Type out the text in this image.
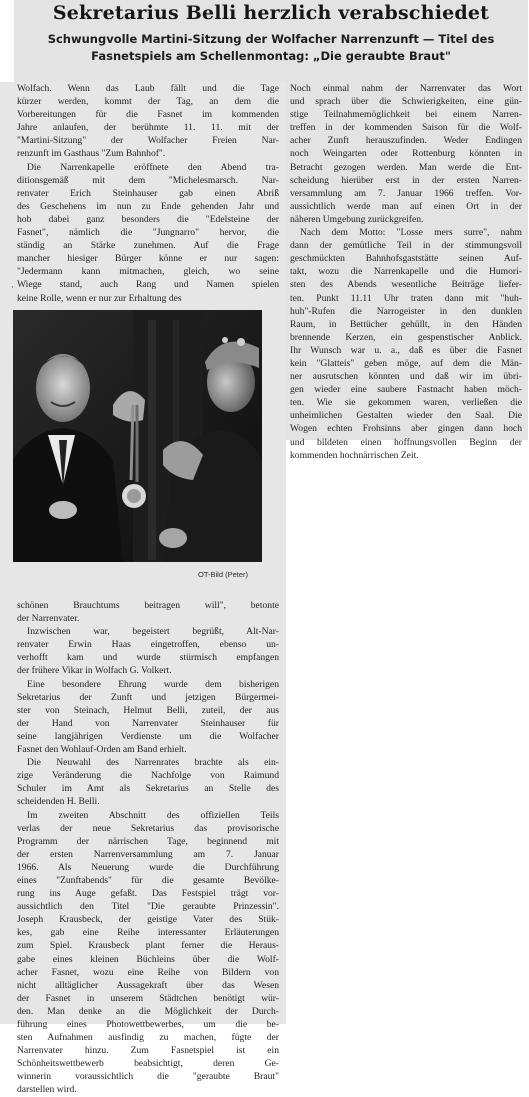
Sekretarius Belli herzlich verabschiedet
Schwungvolle Martini-Sitzung der Wolfacher Narrenzunft — Titel des
Fasnetspiels am Schellenmontag: „Die geraubte Braut"
Wolfach. Wenn das Laub fällt und die Tage
kürzer werden, kommt der Tag, an dem die
Vorbereitungen für die Fasnet im kommenden
Jahre anlaufen, der berühmte 11. 11. mit der
"Martini-Sitzung" der Wolfacher Freien Nar-
renzunft im Gasthaus "Zum Bahnhof".
Die Narrenkapelle eröffnete den Abend tra-
ditionsgemäß mit dem "Michelesmarsch. Nar-
renvater Erich Steinhauser gab einen Abriß
des Geschehens im nun zu Ende gehenden Jahr und
hob dabei ganz besonders die "Edelsteine der
Fasnet", nämlich die "Jungnarro" hervor, die
ständig an Stärke zunehmen. Auf die Frage
mancher hiesiger Bürger könne er nur sagen:
"Jedermann kann mitmachen, gleich, wo seine
Wiege stand, auch Rang und Namen spielen
keine Rolle, wenn er nur zur Erhaltung des
Noch einmal nahm der Narrenvater das Wort
und sprach über die Schwierigkeiten, eine gün-
stige Teilnahmemöglichkeit bei einem Narren-
treffen in der kommenden Saison für die Wolf-
acher Zunft herauszufinden. Weder Endingen
noch Weingarten oder Rottenburg könnten in
Betracht gezogen werden. Man werde die Ent-
scheidung hierüber erst in der ersten Narren-
versammlung am 7. Januar 1966 treffen. Vor-
aussichtlich werde man auf einen Ort in der
näheren Umgebung zurückgreifen.
Nach dem Motto: "Losse mers surre", nahm
dann der gemütliche Teil in der stimmungsvoll
geschmückten Bahnhofsgaststätte seinen Auf-
takt, wozu die Narrenkapelle und die Humori-
sten des Abends wesentliche Beiträge liefer-
ten. Punkt 11.11 Uhr traten dann mit "huh-
huh"-Rufen die Narrogeister in den dunklen
Raum, in Bettücher gehüllt, in den Händen
brennende Kerzen, ein gespenstischer Anblick.
Ihr Wunsch war u. a., daß es über die Fasnet
kein "Glatteis" geben möge, auf dem die Män-
ner ausrutschen könnten und daß wir im übri-
gen wieder eine saubere Fastnacht haben möch-
ten. Wie sie gekommen waren, verließen die
unheimlichen Gestalten wieder den Saal. Die
Wogen echten Frohsinns aber gingen dann hoch
und bildeten einen hoffnungsvollen Beginn der
kommenden hochnärrischen Zeit.
·
OT-Bild (Peter)
schönen Brauchtums beitragen will", betonte
der Narrenvater.
Inzwischen war, begeistert begrüßt, Alt-Nar-
renvater Erwin Haas eingetroffen, ebenso un-
verhofft kam und wurde stürmisch empfangen
der frühere Vikar in Wolfach G. Volkert.
Eine besondere Ehrung wurde dem bisherigen
Sekretarius der Zunft und jetzigen Bürgermei-
ster von Steinach, Helmut Belli, zuteil, der aus
der Hand von Narrenvater Steinhauser für
seine langjährigen Verdienste um die Wolfacher
Fasnet den Wohlauf-Orden am Band erhielt.
Die Neuwahl des Narrenrates brachte als ein-
zige Veränderung die Nachfolge von Raimund
Schuler im Amt als Sekretarius an Stelle des
scheidenden H. Belli.
Im zweiten Abschnitt des offiziellen Teils
verlas der neue Sekretarius das provisorische
Programm der närrischen Tage, beginnend mit
der ersten Narrenversammlung am 7. Januar
1966. Als Neuerung wurde die Durchführung
eines "Zunftabends" für die gesamte Bevölke-
rung ins Auge gefaßt. Das Festspiel trägt vor-
aussichtlich den Titel "Die geraubte Prinzessin".
Joseph Krausbeck, der geistige Vater des Stük-
kes, gab eine Reihe interessanter Erläuterungen
zum Spiel. Krausbeck plant ferner die Heraus-
gabe eines kleinen Büchleins über die Wolf-
acher Fasnet, wozu eine Reihe von Bildern von
nicht alltäglicher Aussagekraft über das Wesen
der Fasnet in unserem Städtchen benötigt wür-
den. Man denke an die Möglichkeit der Durch-
führung eines Photowettbewerbes, um die be-
sten Aufnahmen ausfindig zu machen, fügte der
Narrenvater hinzu. Zum Fasnetspiel ist ein
Schönheitswettbewerb beabsichtigt, deren Ge-
winnerin voraussichtlich die "geraubte Braut"
darstellen wird.
